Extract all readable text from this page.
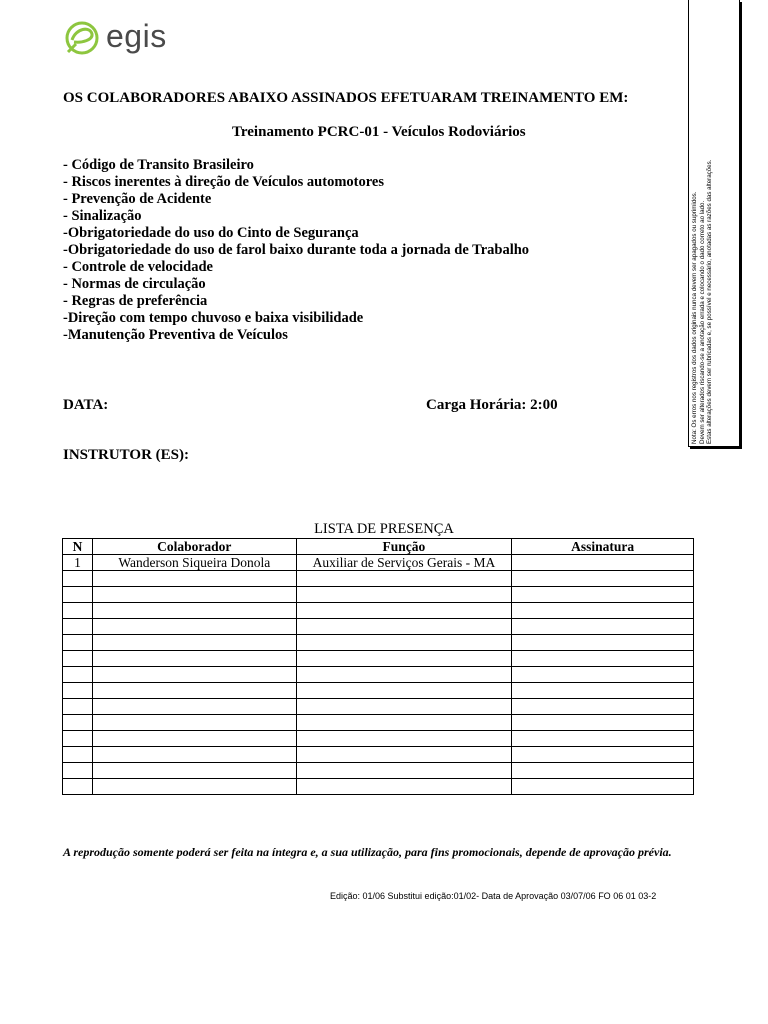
egis
Nota: Os erros nos registros dos dados originais nunca devem ser apagados ou suprimidos. Devem ser alterados riscando-se a anotação errada e colocando o dado correto ao lado. Estas alterações devem ser rubricadas e, se possível e necessário, anotadas as razões das alterações.
OS COLABORADORES ABAIXO ASSINADOS EFETUARAM TREINAMENTO EM:
Treinamento PCRC-01 - Veículos Rodoviários
- Código de Transito Brasileiro
- Riscos inerentes à direção de Veículos automotores
- Prevenção de Acidente
- Sinalização
-Obrigatoriedade do uso do Cinto de Segurança
-Obrigatoriedade do uso de farol baixo durante toda a jornada de Trabalho
- Controle de velocidade
- Normas de circulação
- Regras de preferência
-Direção com tempo chuvoso e baixa visibilidade
-Manutenção Preventiva de Veículos
DATA:	Carga Horária: 2:00
INSTRUTOR (ES):
LISTA DE PRESENÇA
N	Colaborador	Função	Assinatura
1	Wanderson Siqueira Donola	Auxiliar de Serviços Gerais - MA	

A reprodução somente poderá ser feita na íntegra e, a sua utilização, para fins promocionais, depende de aprovação prévia.
Edição: 01/06 Substitui edição:01/02- Data de Aprovação 03/07/06 FO 06 01 03-2
